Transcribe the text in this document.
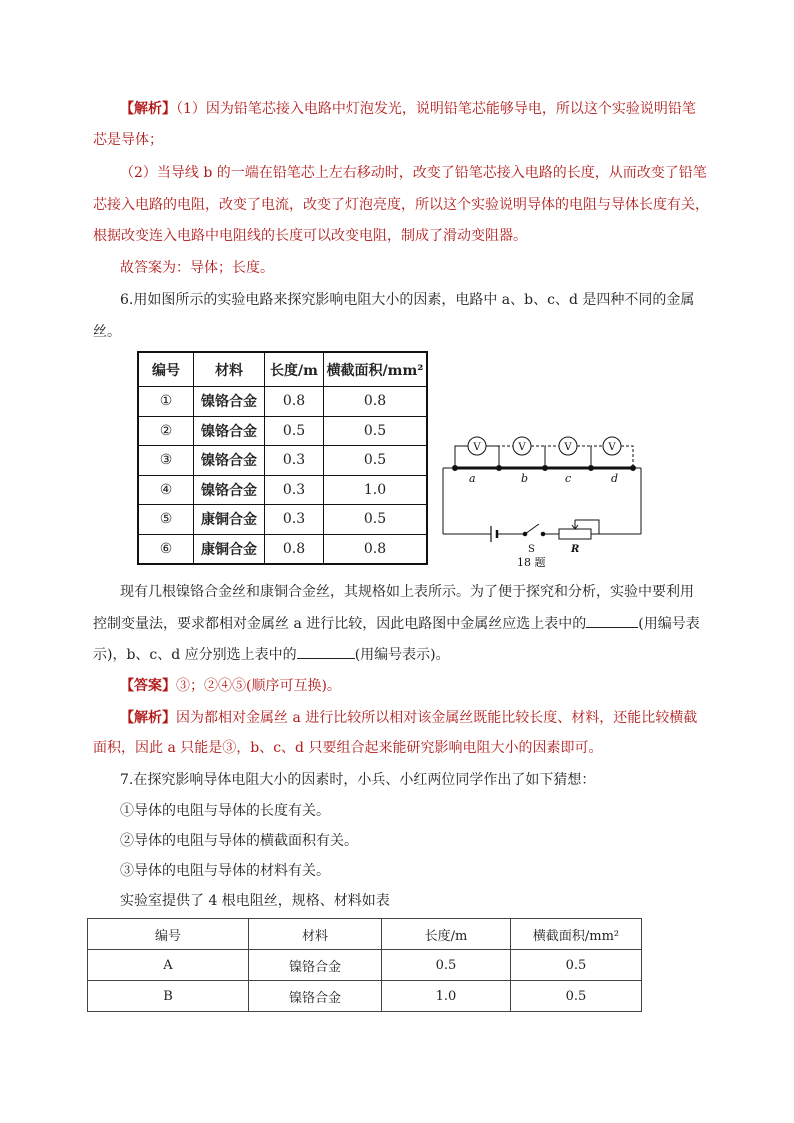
【解析】（1）因为铅笔芯接入电路中灯泡发光，说明铅笔芯能够导电，所以这个实验说明铅笔
芯是导体；
（2）当导线 b 的一端在铅笔芯上左右移动时，改变了铅笔芯接入电路的长度，从而改变了铅笔
芯接入电路的电阻，改变了电流，改变了灯泡亮度，所以这个实验说明导体的电阻与导体长度有关，
根据改变连入电路中电阻线的长度可以改变电阻，制成了滑动变阻器。
故答案为：导体；长度。
6.用如图所示的实验电路来探究影响电阻大小的因素，电路中 a、b、c、d 是四种不同的金属
丝。
编号	材料	长度/m	横截面积/mm²
①	镍铬合金	0.8	0.8
②	镍铬合金	0.5	0.5
③	镍铬合金	0.3	0.5
④	镍铬合金	0.3	1.0
⑤	康铜合金	0.3	0.5
⑥	康铜合金	0.8	0.8
V	V	V	V
a	b	c	d
S	R
18 题
现有几根镍铬合金丝和康铜合金丝，其规格如上表所示。为了便于探究和分析，实验中要利用
控制变量法，要求都相对金属丝 a 进行比较，因此电路图中金属丝应选上表中的	(用编号表
示)，b、c、d 应分别选上表中的	(用编号表示)。
【答案】③；②④⑤(顺序可互换)。
【解析】因为都相对金属丝 a 进行比较所以相对该金属丝既能比较长度、材料，还能比较横截
面积，因此 a 只能是③，b、c、d 只要组合起来能研究影响电阻大小的因素即可。
7.在探究影响导体电阻大小的因素时，小兵、小红两位同学作出了如下猜想：
①导体的电阻与导体的长度有关。
②导体的电阻与导体的横截面积有关。
③导体的电阻与导体的材料有关。
实验室提供了 4 根电阻丝，规格、材料如表
编号	材料	长度/m	横截面积/mm²
A	镍铬合金	0.5	0.5
B	镍铬合金	1.0	0.5
